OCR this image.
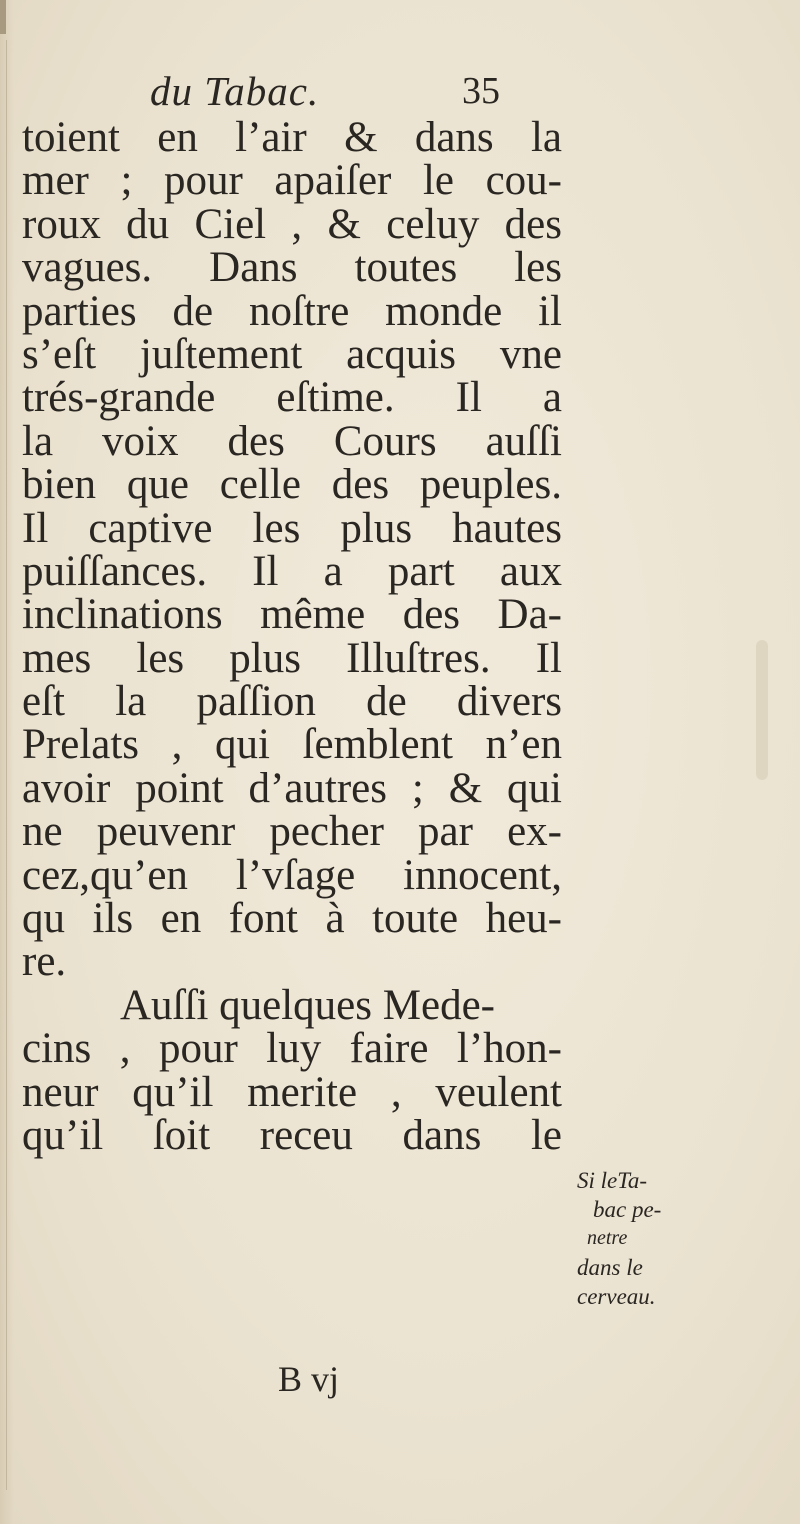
du Tabac.	35
toient en l’air & dans la
mer ; pour apaiſer le cou-
roux du Ciel , & celuy des
vagues. Dans toutes les
parties de noſtre monde il
s’eſt juſtement acquis vne
trés-grande eſtime. Il a
la voix des Cours auſſi
bien que celle des peuples.
Il captive les plus hautes
puiſſances. Il a part aux
inclinations même des Da-
mes les plus Illuſtres. Il
eſt la paſſion de divers
Prelats , qui ſemblent n’en
avoir point d’autres ; & qui
ne peuvenr pecher par ex-
cez,qu’en l’vſage innocent,
qu ils en font à toute heu-
re.
Auſſi quelques Mede-
cins , pour luy faire l’hon-
neur qu’il merite , veulent
qu’il ſoit receu dans le
B vj
Si leTa-
bac pe-
netre
dans le
cerveau.
